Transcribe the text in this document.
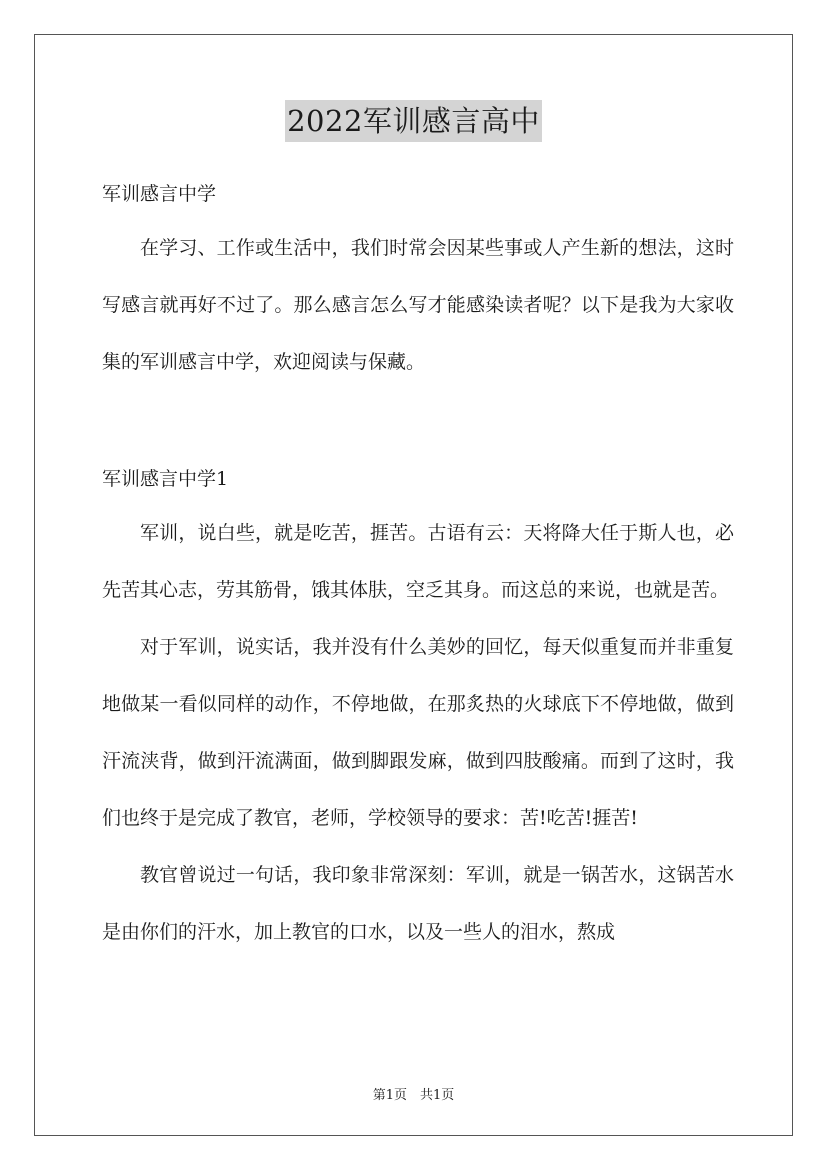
2022军训感言高中

军训感言中学

在学习、工作或生活中，我们时常会因某些事或人产生新的想法，这时写感言就再好不过了。那么感言怎么写才能感染读者呢？以下是我为大家收集的军训感言中学，欢迎阅读与保藏。

军训感言中学1

军训，说白些，就是吃苦，捱苦。古语有云：天将降大任于斯人也，必先苦其心志，劳其筋骨，饿其体肤，空乏其身。而这总的来说，也就是苦。

对于军训，说实话，我并没有什么美妙的回忆，每天似重复而并非重复地做某一看似同样的动作，不停地做，在那炙热的火球底下不停地做，做到汗流浃背，做到汗流满面，做到脚跟发麻，做到四肢酸痛。而到了这时，我们也终于是完成了教官，老师，学校领导的要求：苦!吃苦!捱苦!

教官曾说过一句话，我印象非常深刻：军训，就是一锅苦水，这锅苦水是由你们的汗水，加上教官的口水，以及一些人的泪水，熬成

第1页　共1页
